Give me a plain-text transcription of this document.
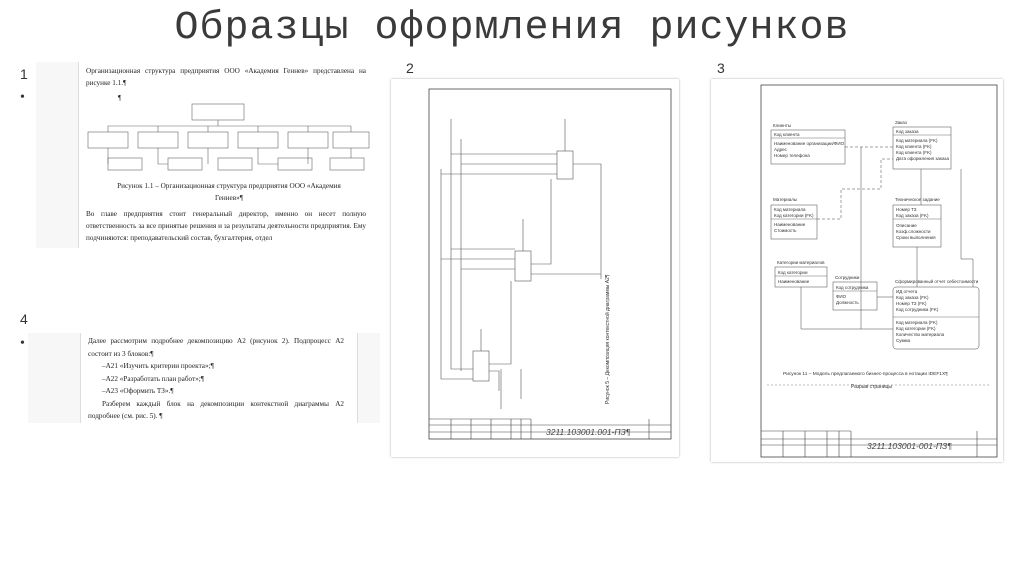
Образцы оформления рисунков
1
•
2	3
4
•
Организационная структура предприятия ООО «Академия Геннев» представлена на рисунке 1.1.¶
¶
Рисунок 1.1 – Организационная структура предприятия ООО «Академия Геннев»¶
Во главе предприятия стоит генеральный директор, именно он несет полную ответственность за все принятые решения и за результаты деятельности предприятия. Ему подчиняются: преподавательский состав, бухгалтерия, отдел
Далее рассмотрим подробнее декомпозицию А2 (рисунок 2). Подпроцесс А2 состоит из 3 блоков:¶
–А21 «Изучить критерии проекта»;¶
–А22 «Разработать план работ»;¶
–А23 «Оформить ТЗ».¶
Разберем каждый блок на декомпозиции контекстной диаграммы А2 подробнее (см. рис. 5). ¶
Рисунок 5 – Декомпозиция контекстной диаграммы А2¶
3211.103001.001-ПЗ¶
Клиенты
Код клиента
Наименование организации/ФИО
Адрес
Номер телефона
Заказ
Код заказа
Код материала (FK)
Код клиента (FK)
Код клиента (FK)
Дата оформления заказа
Материалы
Код материала
Код категории (FK)
Наименование
Стоимость
Техническое задание
Номер ТЗ
Код заказа (FK)
Описание
Коэф.сложности
Сроки выполнения
Категории материалов
Код категории
Наименование
Сотрудники
Код сотрудника
ФИО
Должность
Сформированный отчет себестоимости
ИД отчета
Код заказа (FK)
Номер ТЗ (FK)
Код сотрудника (FK)
Код материала (FK)
Код категории (FK)
Количество материала
Сумма
Рисунок 11 – Модель предлагаемого бизнес-процесса в нотации IDEF1X¶
Разрыв страницы
3211.103001-001-ПЗ¶
